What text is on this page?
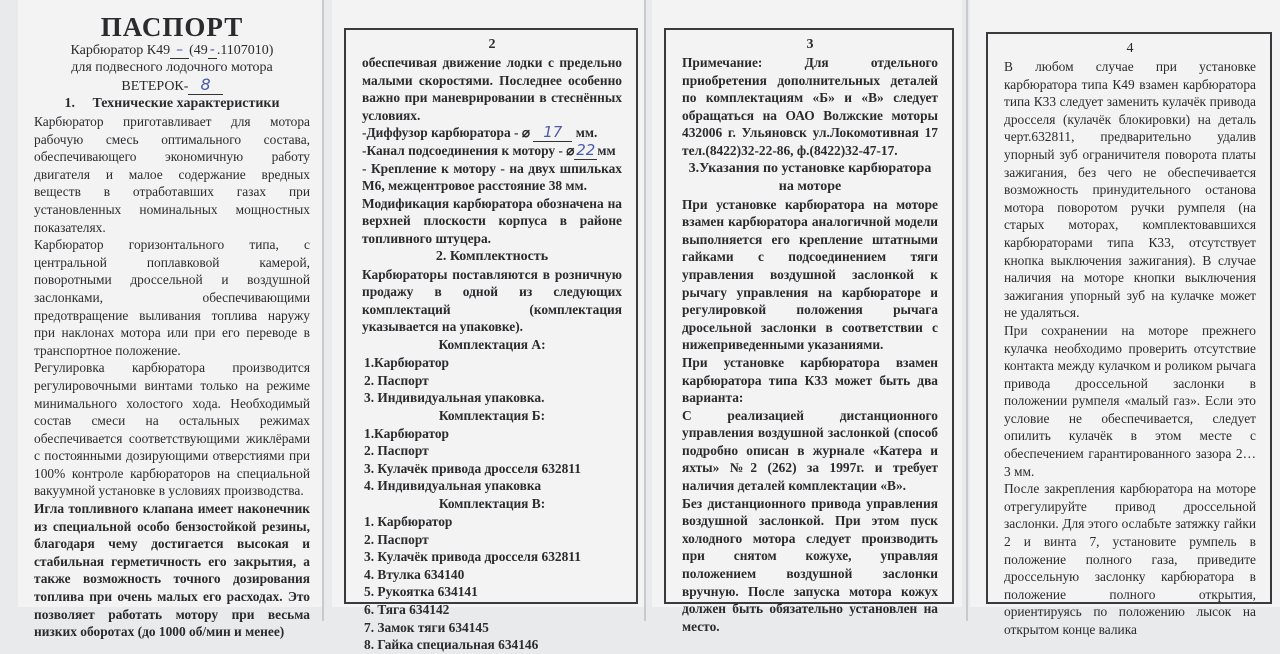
ПАСПОРТ
Карбюратор К49 – (49 - .1107010)
для подвесного лодочного мотора
ВЕТЕРОК- 8
1.     Технические характеристики

Карбюратор приготавливает для мотора рабочую смесь оптимального состава, обеспечивающего экономичную работу двигателя и малое содержание вредных веществ в отработавших газах при установленных номинальных мощностных показателях.

Карбюратор горизонтального типа, с центральной поплавковой камерой, поворотными дроссельной и воздушной заслонками, обеспечивающими предотвращение выливания топлива наружу при наклонах мотора или при его переводе в транспортное положение.

Регулировка карбюратора производится регулировочными винтами только на режиме минимального холостого хода. Необходимый состав смеси на остальных режимах обеспечивается соответствующими жиклёрами с постоянными дозирующими отверстиями при 100% контроле карбюраторов на специальной вакуумной установке в условиях производства.

Игла топливного клапана имеет наконечник из специальной особо бензостойкой резины, благодаря чему достигается высокая и стабильная герметичность его закрытия, а также возможность точного дозирования топлива при очень малых его расходах. Это позволяет работать мотору при весьма низких оборотах (до 1000 об/мин и менее)

2

обеспечивая движение лодки с предельно малыми скоростями. Последнее особенно важно при маневрировании в стеснённых условиях.

-Диффузор карбюратора - ⌀ 17 мм.

-Канал подсоединения к мотору - ⌀ 22 мм

- Крепление к мотору - на двух шпильках М6, межцентровое расстояние 38 мм.

Модификация карбюратора обозначена на верхней плоскости корпуса в районе топливного штуцера.

2. Комплектность

Карбюраторы поставляются в розничную продажу в одной из следующих комплектаций (комплектация указывается на упаковке).

Комплектация А:
1.Карбюратор
2. Паспорт
3. Индивидуальная упаковка.
Комплектация Б:
1.Карбюратор
2. Паспорт
3. Кулачёк привода дросселя 632811
4. Индивидуальная упаковка
Комплектация В:
1. Карбюратор
2. Паспорт
3. Кулачёк привода дросселя 632811
4. Втулка 634140
5. Рукоятка 634141
6. Тяга 634142
7. Замок тяги 634145
8. Гайка специальная 634146
3

Примечание: Для отдельного приобретения дополнительных деталей по комплектациям «Б» и «В» следует обращаться на ОАО Волжские моторы 432006 г. Ульяновск ул.Локомотивная 17 тел.(8422)32-22-86, ф.(8422)32-47-17.

3.Указания по установке карбюратора на моторе

При установке карбюратора на моторе взамен карбюратора аналогичной модели выполняется его крепление штатными гайками с подсоединением тяги управления воздушной заслонкой к рычагу управления на карбюраторе и регулировкой положения рычага дросельной заслонки в соответствии с нижеприведенными указаниями.

При установке карбюратора взамен карбюратора типа К33 может быть два варианта:

С реализацией дистанционного управления воздушной заслонкой (способ подробно описан в журнале «Катера и яхты» №2 (262) за 1997г. и требует наличия деталей комплектации «В».

Без дистанционного привода управления воздушной заслонкой. При этом пуск холодного мотора следует производить при снятом кожухе, управляя положением воздушной заслонки вручную. После запуска мотора кожух должен быть обязательно установлен на место.

4

В любом случае при установке карбюратора типа К49 взамен карбюратора типа К33 следует заменить кулачёк привода дросселя (кулачёк блокировки) на деталь черт.632811, предварительно удалив упорный зуб ограничителя поворота платы зажигания, без чего не обеспечивается возможность принудительного останова мотора поворотом ручки румпеля (на старых моторах, комплектовавшихся карбюраторами типа К33, отсутствует кнопка выключения зажигания). В случае наличия на моторе кнопки выключения зажигания упорный зуб на кулачке может не удаляться.

При сохранении на моторе прежнего кулачка необходимо проверить отсутствие контакта между кулачком и роликом рычага привода дроссельной заслонки в положении румпеля «малый газ». Если это условие не обеспечивается, следует опилить кулачёк в этом месте с обеспечением гарантированного зазора 2…3 мм.

После закрепления карбюратора на моторе отрегулируйте привод дроссельной заслонки. Для этого ослабьте затяжку гайки 2 и винта 7, установите румпель в положение полного газа, приведите дроссельную заслонку карбюратора в положение полного открытия, ориентируясь по положению лысок на открытом конце валика
